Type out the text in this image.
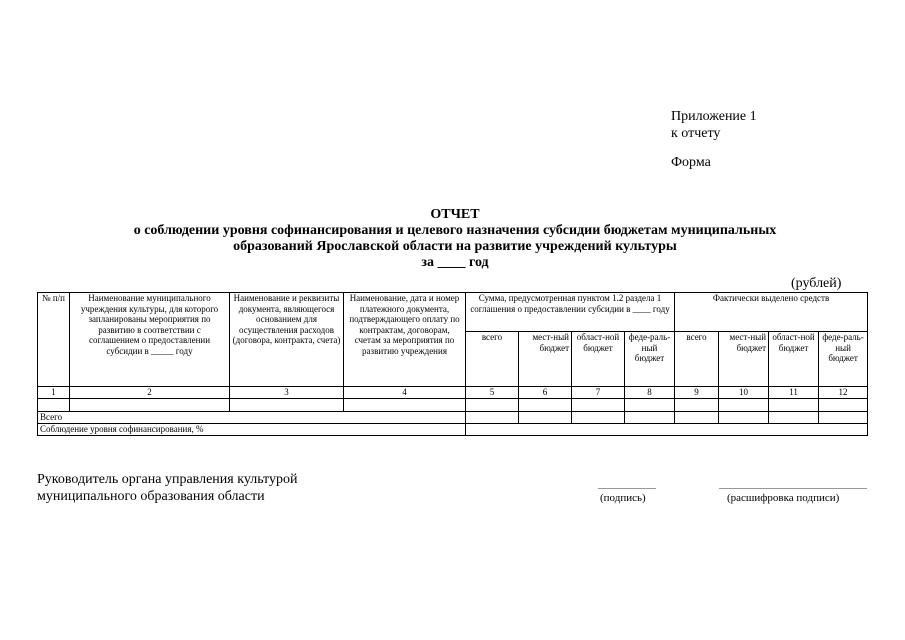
Приложение 1
к отчету
Форма
ОТЧЕТ
о соблюдении уровня софинансирования и целевого назначения субсидии бюджетам муниципальных
образований Ярославской области на развитие учреждений культуры
за ____ год
(рублей)
№ п/п	Наименование муниципального учреждения культуры, для которого запланированы мероприятия по развитию в соответствии с соглашением о предоставлении субсидии в _____ году	Наименование и реквизиты документа, являющегося основанием для осуществления расходов (договора, контракта, счета)	Наименование, дата и номер платежного документа, подтверждающего оплату по контрактам, договорам, счетам за мероприятия по развитию учреждения	Сумма, предусмотренная пунктом 1.2 раздела 1 соглашения о предоставлении субсидии в ____ году				Фактически выделено средств			
				всего	мест-ный бюджет	област-ной бюджет	феде-раль-ный бюджет	всего	мест-ный бюджет	област-ной бюджет	феде-раль-ный бюджет
1	2	3	4	5	6	7	8	9	10	11	12

Всего											
Соблюдение уровня софинансирования, %											
Руководитель органа управления культурой
муниципального образования области	(подпись)	(расшифровка подписи)
